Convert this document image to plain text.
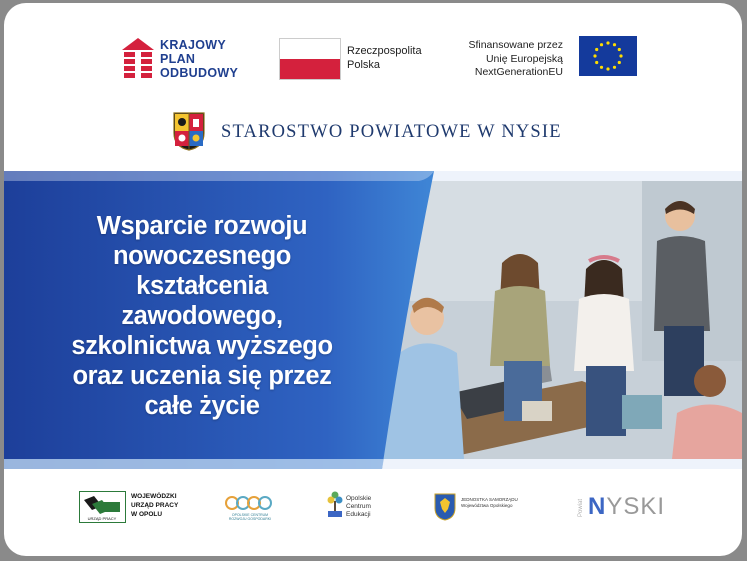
KRAJOWY
PLAN
ODBUDOWY
Rzeczpospolita
Polska
Sfinansowane przez
Unię Europejską
NextGenerationEU
STAROSTWO POWIATOWE W NYSIE
Wsparcie rozwoju
nowoczesnego
kształcenia
zawodowego,
szkolnictwa wyższego
oraz uczenia się przez
całe życie
URZĄD PRACY
WOJEWÓDZKI
URZĄD PRACY
W OPOLU	OPOLSKIE CENTRUM
ROZWOJU GOSPODARKI
Opolskie
Centrum
Edukacji
JEDNOSTKA SAMORZĄDU
Województwa Opolskiego	Powiat NYSKI
